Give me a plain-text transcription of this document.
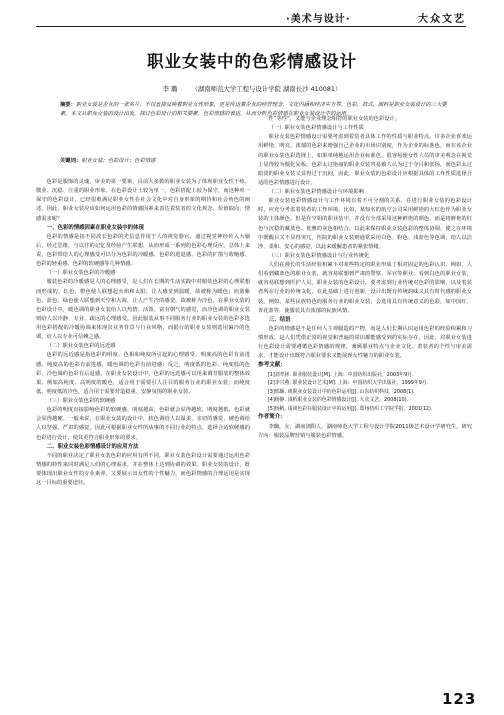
·美术与设计·	大众文艺
职业女装中的色彩情感设计
李 璐 （湖南师范大学工程与设计学院 湖南长沙 410081）
摘要：职业女装是企业的一张名片，不仅直接反映着职业女性形象，更是传达着企业的经营理念、文化内涵和经济实力等。色彩，款式，面料是职业女装设计的三大要素。本文从职业女装的设计出发，探讨色彩设计的相关要素、色彩情感的表达，从而分析色彩情感在职业女装设计中的运用。
关键词：职业女装；色彩设计；色彩情感

色彩是服饰的灵魂，审美的第一要素。目前大多数的职业女装为了体现职业女性干练、敬业、沉稳、庄重的职业形象，在色彩设计上较为单一，色彩搭配上较为保守，而这种单一保守的色彩设计，已经很难满足职业女性在社会文化中对自身形象的期待和社会角色的阐述。因此，职业女装应该如何运用色彩的情感因素来表达着装者的文化观念、价值取向、情感需求呢？

一、色彩的情感因素在职业女装中的体现

色彩的情感是指不同波长色彩的光信息作用于人的视觉器官，通过视觉神经传入大脑后，经过思维，与以往的记忆及经验产生联想，从而形成一系列的色彩心理反应。总体上来说，色彩带给人的心理感受可以分为色彩的冷暖感、色彩的进退感、色彩的扩散与收缩感、色彩的轻重感、色彩的软硬感等几种情感。

（一）职业女装色彩的冷暖感

服装色彩的冷暖感是人的心理感受，是人们在长期的生活实践中对服装色彩的心理联想而形成的。红色、橙色使人联想起火焰和太阳，让人感觉到温暖，故被称为暖色；而蓝紫色、蓝色、绿色使人联想到天空和大海，让人产生冷的感觉，故被称为冷色。在职业女装的色彩设计中，暖色调的职业女装给人以热情、活泼、富有朝气的感觉，而冷色调的职业女装则给人以冷静、专业、疏远的心理感受。因此服装从事不同服务行业的职业女装的色彩多选用色彩搭配的冷暖协调来体现其业务背景与行业风格，而银行的职业女装则选用偏冷的色调，给人以专业可信赖之感。

（二）职业女装色彩的远近感

色彩的远近感是指色彩的明度、色相和纯度所引起的心理感受。明度高的色彩有前进感，纯度高的色彩有前进感，暖色调的色彩有前进感；反之，明度低的色彩、纯度低的色彩、冷色调的色彩有后退感。在职业女装设计中，色彩的远近感可以用来调节服装的整体效果。例如高纯度、高明度的暖色，适合用于需要引人注目的服务行业的职业女装；而纯度低、明度低的冷色，适合用于需要营造稳重、安静氛围的职业女装。

（三）职业女装色彩的软硬感

色彩的明度直接影响色彩的软硬感。明度越高，色彩就会显得越软，明度越低，色彩就会显得越硬。一般来说，在职业女装的设计中，软色调给人以温柔、亲切的感觉，硬色调给人以坚强、严肃的感觉。因此可根据职业女性所从事的不同行业的特点，选择合适软硬感的色彩进行设计，使其更符合职业形象的要求。

二、职业女装色彩情感设计的应用方法

不同的职业决定了职业女装色彩的应用有所不同，职业女装色彩设计需要通过运用色彩情感的特性来同时满足人们的心理需求，并在整体上达到协调的效果。职业女装的设计，既要体现出职业女性的专业素养，又要展示出女性的个性魅力，而色彩情感的合理运用是实现这一目标的重要途径。

性”等性”，又能与企业理念相符的职业女装的色彩设计。

（一）职业女装色彩情感设计与工作性质

职业女装色彩情感设计需要考虑到着装者具体工作的性质与职业特点。许多企业喜欢运用鲜艳、明亮、浓郁的色彩来增强自己企业的市场识别度，作为企业的标准色，而在该企业的职业女装色彩选择上，如果单纯地运用企业标准色，很容易使女性人员的审美观念在视觉上显得较为僵化呆板。色彩太过艳丽的职业女装容易被人认为过于夺目和张扬，而色彩太过暗淡的职业女装又显得过于沉闷，因此，职业女装的色彩设计应根据具体的工作性质选择合适的色彩情感进行设计。

（二）职业女装色彩情感设计与环境影响

职业女装色彩情感设计与工作环境有着不可分割的关系。在进行职业女装的色彩设计时，应充分考虑着装者的工作环境。比如，某知名的航空公司采用鲜艳的大红色作为职业女装的主体颜色，但是在空姐的职业装中，并没有全部采用这种鲜艳的颜色，而是将鲜艳的红色与沉稳的藏蓝色、优雅的灰色相结合，以此来保持职业女装色彩的整体协调，使之在环境中既醒目又不显得突兀。医院的职业女装则通常采用白色、粉色、浅蓝色等色调，给人以洁净、柔和、安心的感觉，以此来缓解患者的紧张情绪。

（三）职业女装色彩情感设计与行业传统化

人们在漫长的生活经验积累下对某些特定的职业形成了相对固定的色彩认识。例如，人们看到藏蓝色的职业女装，就容易联想到严肃的警察、军官等职业；看到白色的职业女装，就容易联想到医护人员。职业女装的色彩设计，要考虑到行业传统对色彩的影响，以及着装者所在行业的传统文化，在此基础上进行创新，设计出既有传统韵味又具有时代感的职业女装。例如，某些民族特色的服务行业的职业女装，会选用具有传统意义的色彩，如中国红、青花蓝等，使服装具有浓郁的民族风情。

三、结语

色彩的情感是不是任何人主观臆造的产物，而是人们长期认识运用色彩的经验积累和习惯形成，是人们凭借正常的视觉和普遍的常识都能感受到的实际存在。因此，对职业女装进行色彩设计需要遵循色彩情感的规律，兼顾职业特点与企业文化、着装者的个性与审美需求，才能设计出既符合职业要求又能展现女性魅力的职业女装。

参考文献：

[1]刘孝林. 职业服装设计[M]. 上海：中国纺织出版社，2003年9月.

[2]李兴燕. 职业装设计艺术[M]. 上海：中国纺织大学出版社，1999年9月.

[3]邢颖. 谈职业女装设计中的色彩运用[J]. 山东纺织科技，2008(1).

[4]杨静. 浅析职业女装的色彩情感设计[J]. 大众文艺，2008(10).

[5]杨帆. 浅谈色彩在服装设计中的运用[J]. 郑州纺织工学院学报，2001(12).

作者简介：

李璐，女，湖南浏阳人，湖南师范大学工程与设计学院2011级艺术设计学研究生，研究方向：服装品牌营销与服装色彩情感。

123
